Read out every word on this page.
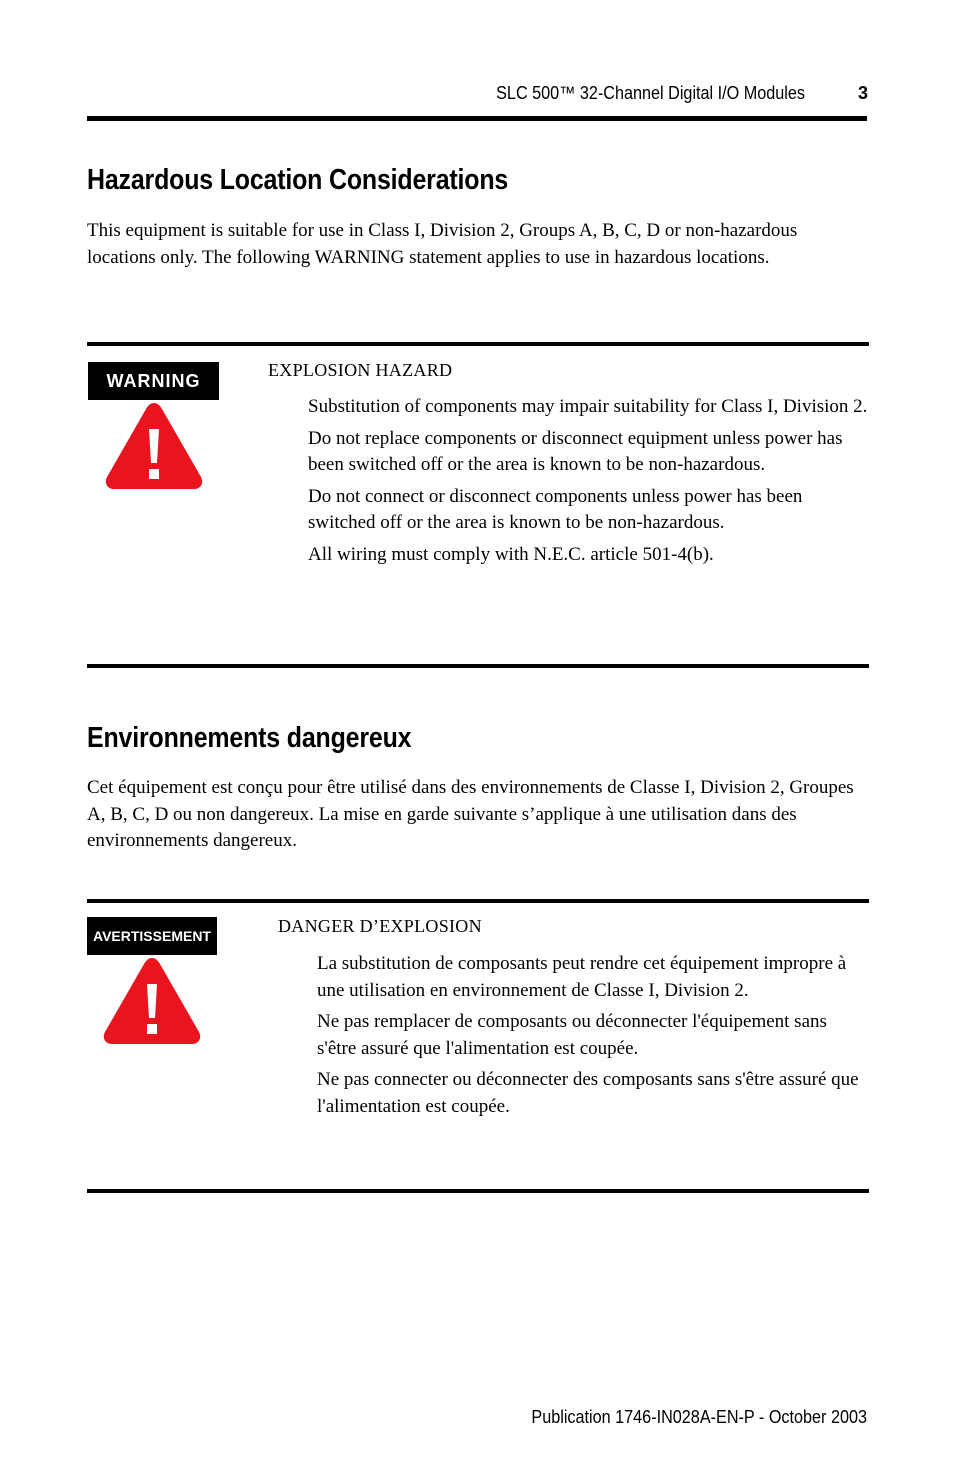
SLC 500™ 32-Channel Digital I/O Modules	3
Hazardous Location Considerations
This equipment is suitable for use in Class I, Division 2, Groups A, B, C, D or non-hazardous locations only. The following WARNING statement applies to use in hazardous locations.
WARNING
EXPLOSION HAZARD

Substitution of components may impair suitability for Class I, Division 2.

Do not replace components or disconnect equipment unless power has been switched off or the area is known to be non-hazardous.

Do not connect or disconnect components unless power has been switched off or the area is known to be non-hazardous.

All wiring must comply with N.E.C. article 501-4(b).

Environnements dangereux
Cet équipement est conçu pour être utilisé dans des environnements de Classe I, Division 2, Groupes A, B, C, D ou non dangereux. La mise en garde suivante s’applique à une utilisation dans des environnements dangereux.
AVERTISSEMENT	DANGER D’EXPLOSION

La substitution de composants peut rendre cet équipement impropre à une utilisation en environnement de Classe I, Division 2.

Ne pas remplacer de composants ou déconnecter l'équipement sans s'être assuré que l'alimentation est coupée.

Ne pas connecter ou déconnecter des composants sans s'être assuré que l'alimentation est coupée.

Publication 1746-IN028A-EN-P - October 2003
